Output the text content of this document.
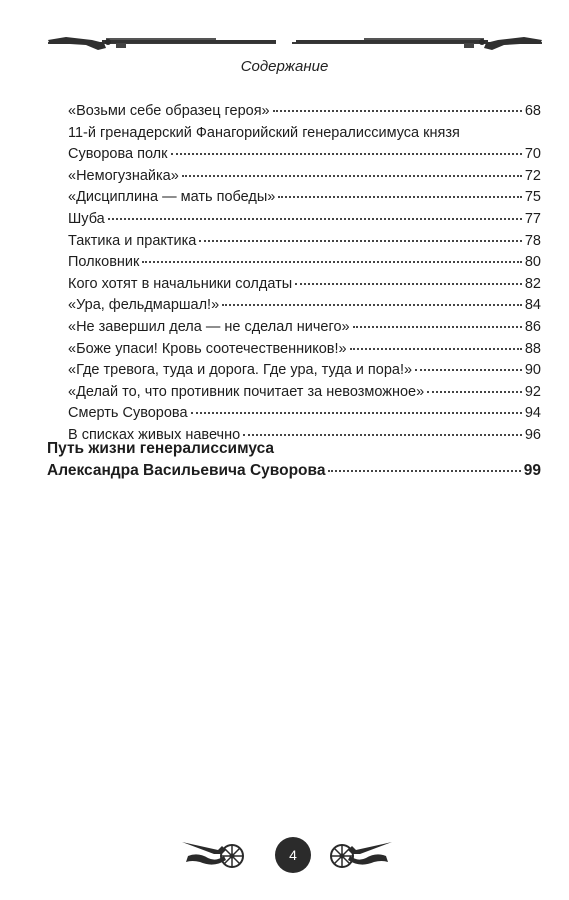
Содержание
«Возьми себе образец героя»	68
11-й гренадерский Фанагорийский генералиссимуса князя
Суворова полк	70
«Немогузнайка»	72
«Дисциплина — мать победы»	75
Шуба	77
Тактика и практика	78
Полковник	80
Кого хотят в начальники солдаты	82
«Ура, фельдмаршал!»	84
«Не завершил дела — не сделал ничего»	86
«Боже упаси! Кровь соотечественников!»	88
«Где тревога, туда и дорога. Где ура, туда и пора!»	90
«Делай то, что противник почитает за невозможное»	92
Смерть Суворова	94
В списках живых навечно	96
Путь жизни генералиссимуса
Александра Васильевича Суворова	99
4
